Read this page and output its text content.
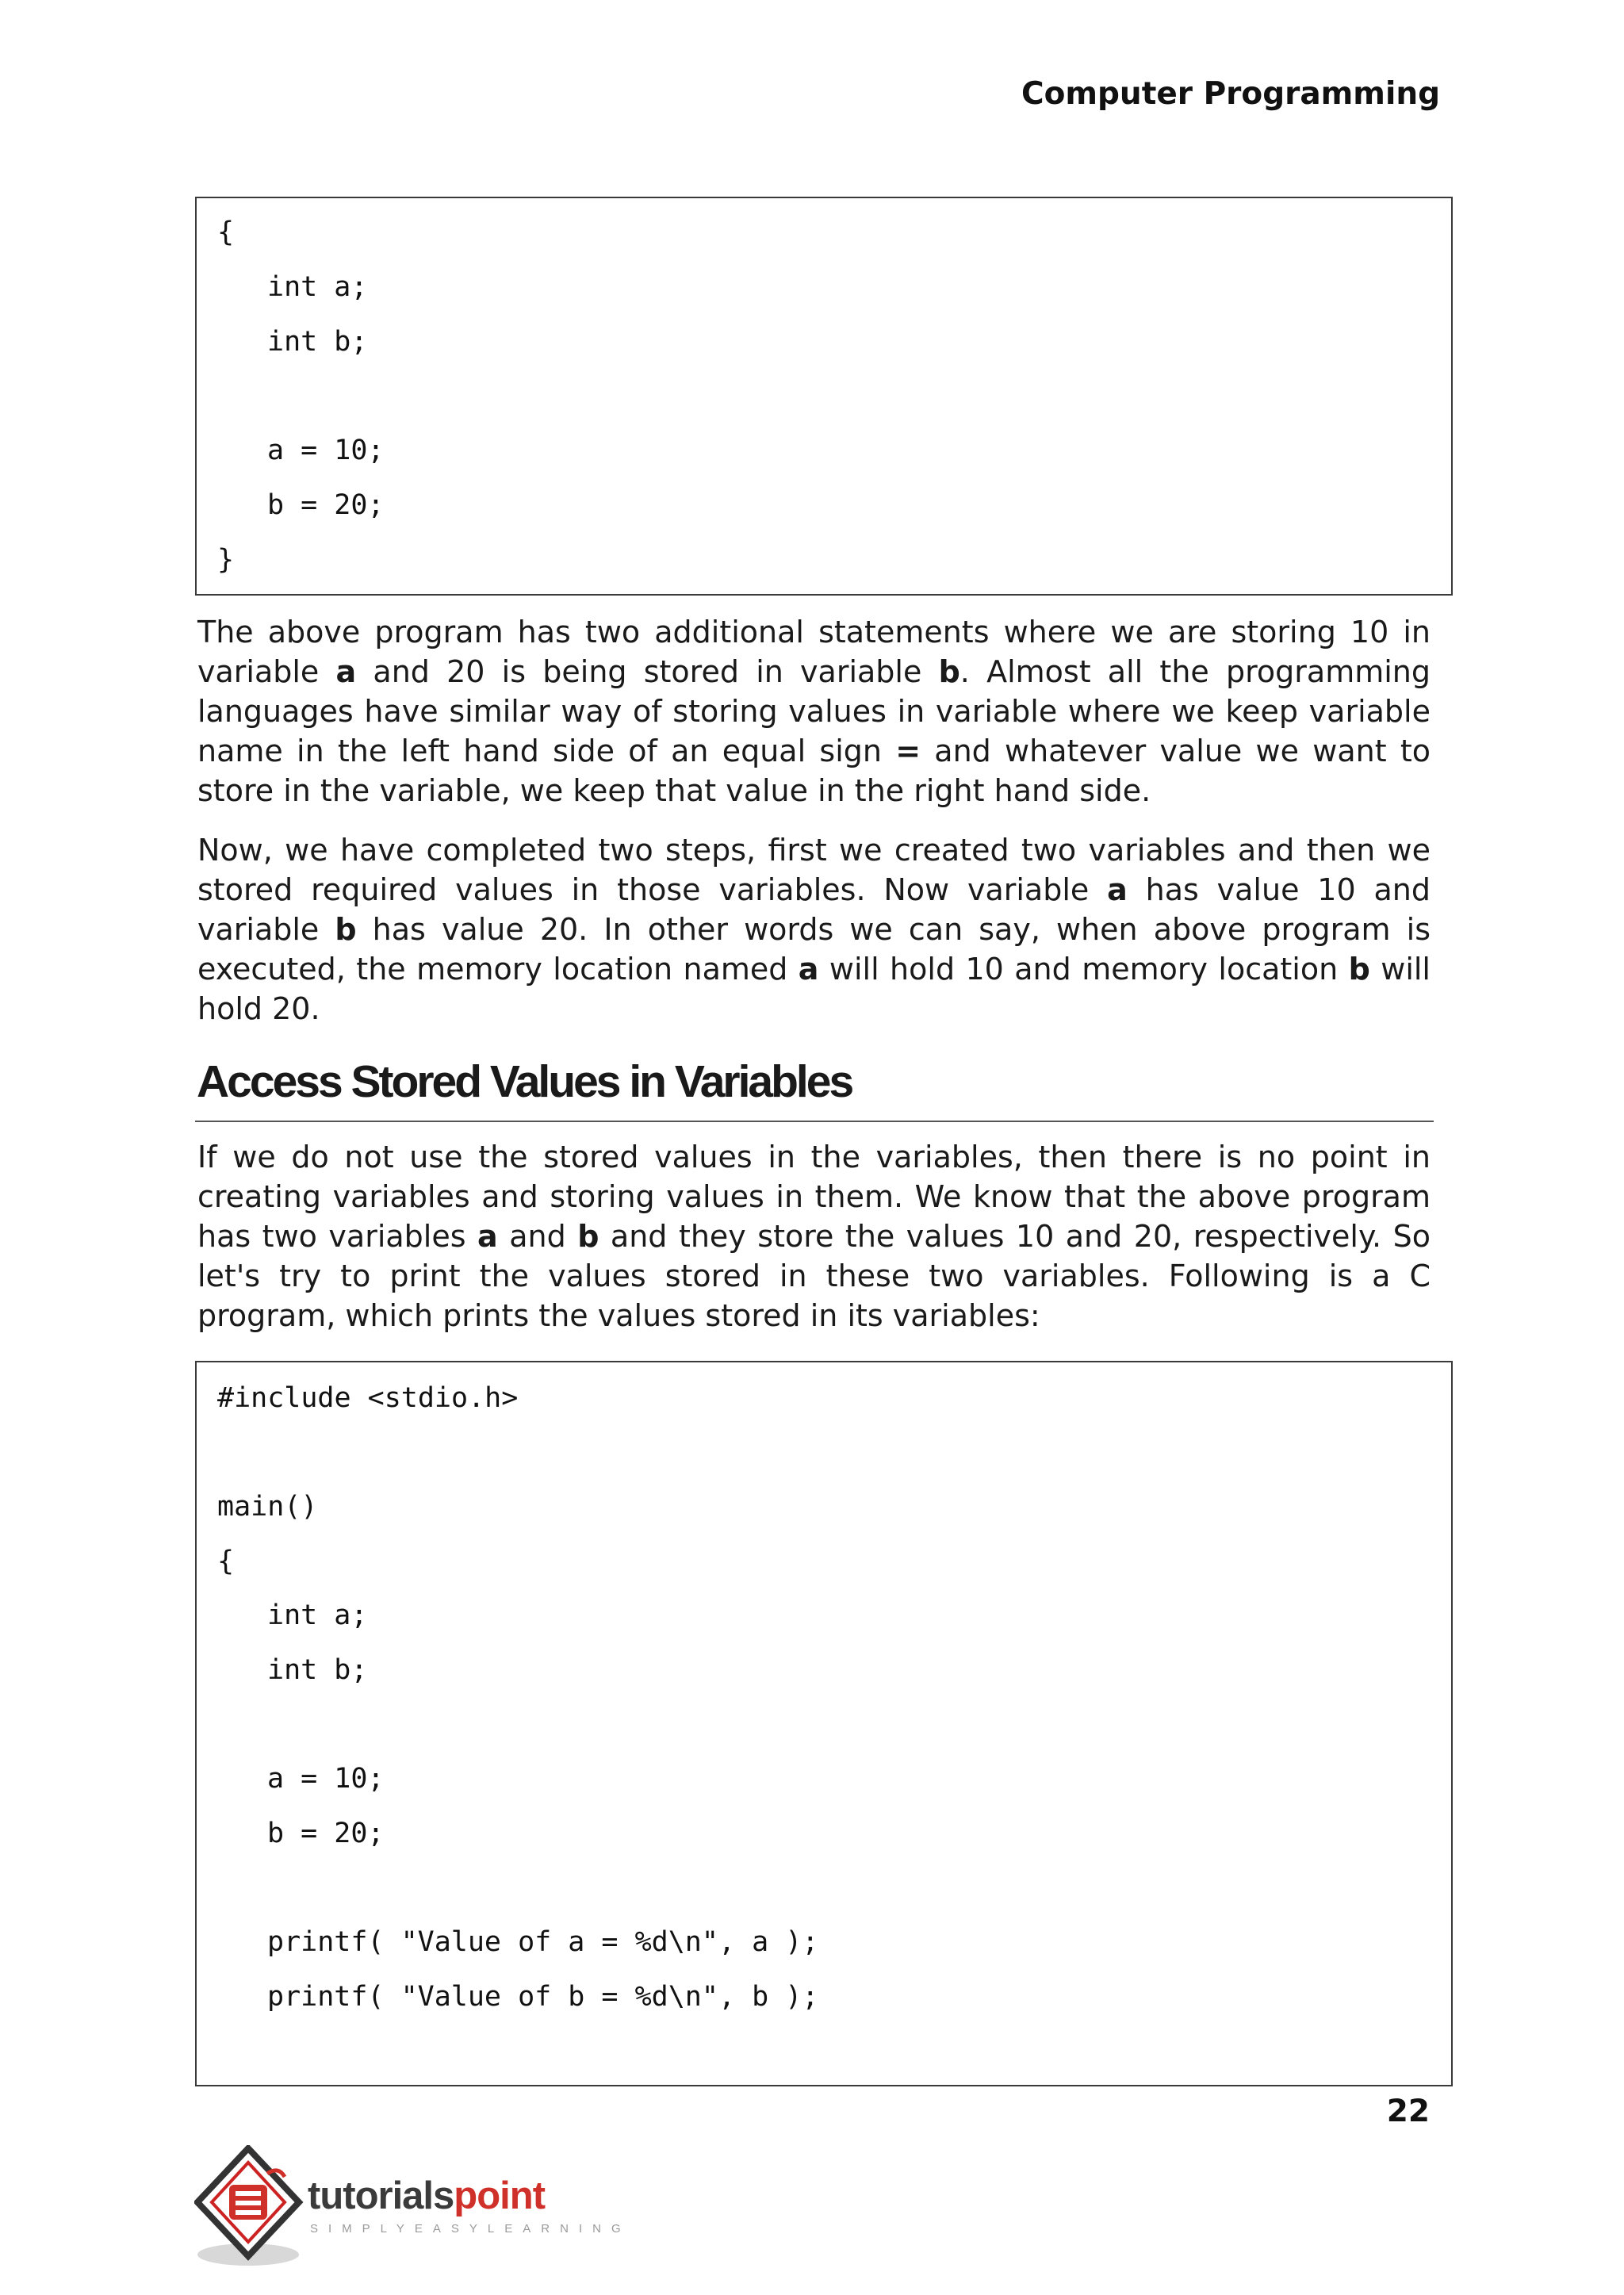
Computer Programming
{
int a;
int b;
a = 10;
b = 20;
}

The above program has two additional statements where we are storing 10 in variable a and 20 is being stored in variable b. Almost all the programming languages have similar way of storing values in variable where we keep variable name in the left hand side of an equal sign = and whatever value we want to store in the variable, we keep that value in the right hand side.

Now, we have completed two steps, first we created two variables and then we stored required values in those variables. Now variable a has value 10 and variable b has value 20. In other words we can say, when above program is executed, the memory location named a will hold 10 and memory location b will hold 20.

Access Stored Values in Variables

If we do not use the stored values in the variables, then there is no point in creating variables and storing values in them. We know that the above program has two variables a and b and they store the values 10 and 20, respectively. So let's try to print the values stored in these two variables. Following is a C program, which prints the values stored in its variables:

#include <stdio.h>
main()
{
int a;
int b;
a = 10;
b = 20;
printf( "Value of a = %d\n", a );
printf( "Value of b = %d\n", b );
22
tutorialspoint
SIMPLYEASYLEARNING
